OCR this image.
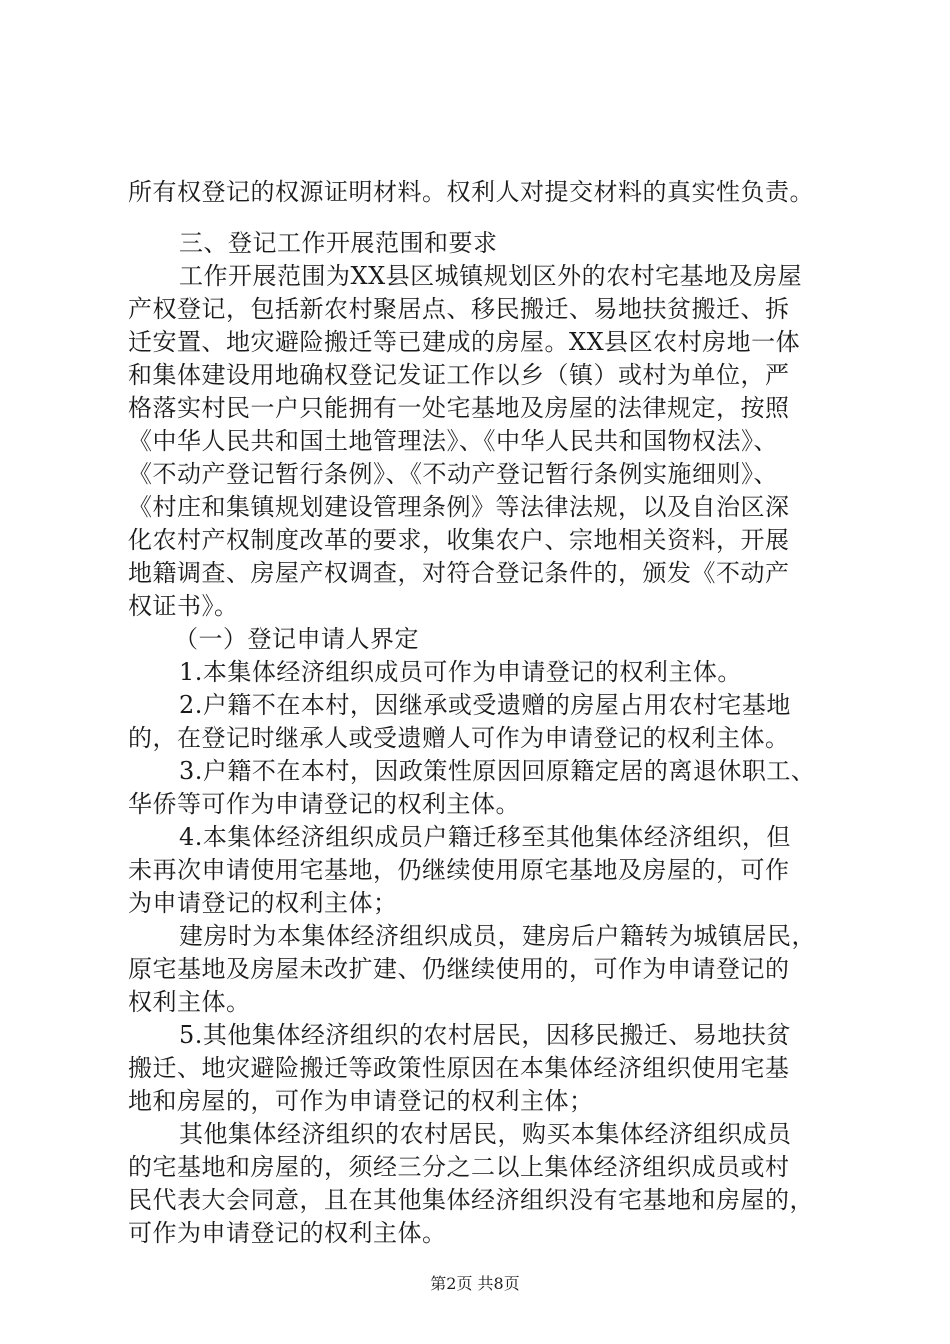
所有权登记的权源证明材料。权利人对提交材料的真实性负责。
三、登记工作开展范围和要求
工作开展范围为XX县区城镇规划区外的农村宅基地及房屋
产权登记，包括新农村聚居点、移民搬迁、易地扶贫搬迁、拆
迁安置、地灾避险搬迁等已建成的房屋。XX县区农村房地一体
和集体建设用地确权登记发证工作以乡（镇）或村为单位，严
格落实村民一户只能拥有一处宅基地及房屋的法律规定，按照
《中华人民共和国土地管理法》、《中华人民共和国物权法》、
《不动产登记暂行条例》、《不动产登记暂行条例实施细则》、
《村庄和集镇规划建设管理条例》等法律法规，以及自治区深
化农村产权制度改革的要求，收集农户、宗地相关资料，开展
地籍调查、房屋产权调查，对符合登记条件的，颁发《不动产
权证书》。
（一）登记申请人界定
1.本集体经济组织成员可作为申请登记的权利主体。
2.户籍不在本村，因继承或受遗赠的房屋占用农村宅基地
的，在登记时继承人或受遗赠人可作为申请登记的权利主体。
3.户籍不在本村，因政策性原因回原籍定居的离退休职工、
华侨等可作为申请登记的权利主体。
4.本集体经济组织成员户籍迁移至其他集体经济组织，但
未再次申请使用宅基地，仍继续使用原宅基地及房屋的，可作
为申请登记的权利主体；
建房时为本集体经济组织成员，建房后户籍转为城镇居民，
原宅基地及房屋未改扩建、仍继续使用的，可作为申请登记的
权利主体。
5.其他集体经济组织的农村居民，因移民搬迁、易地扶贫
搬迁、地灾避险搬迁等政策性原因在本集体经济组织使用宅基
地和房屋的，可作为申请登记的权利主体；
其他集体经济组织的农村居民，购买本集体经济组织成员
的宅基地和房屋的，须经三分之二以上集体经济组织成员或村
民代表大会同意，且在其他集体经济组织没有宅基地和房屋的，
可作为申请登记的权利主体。
第2页 共8页
